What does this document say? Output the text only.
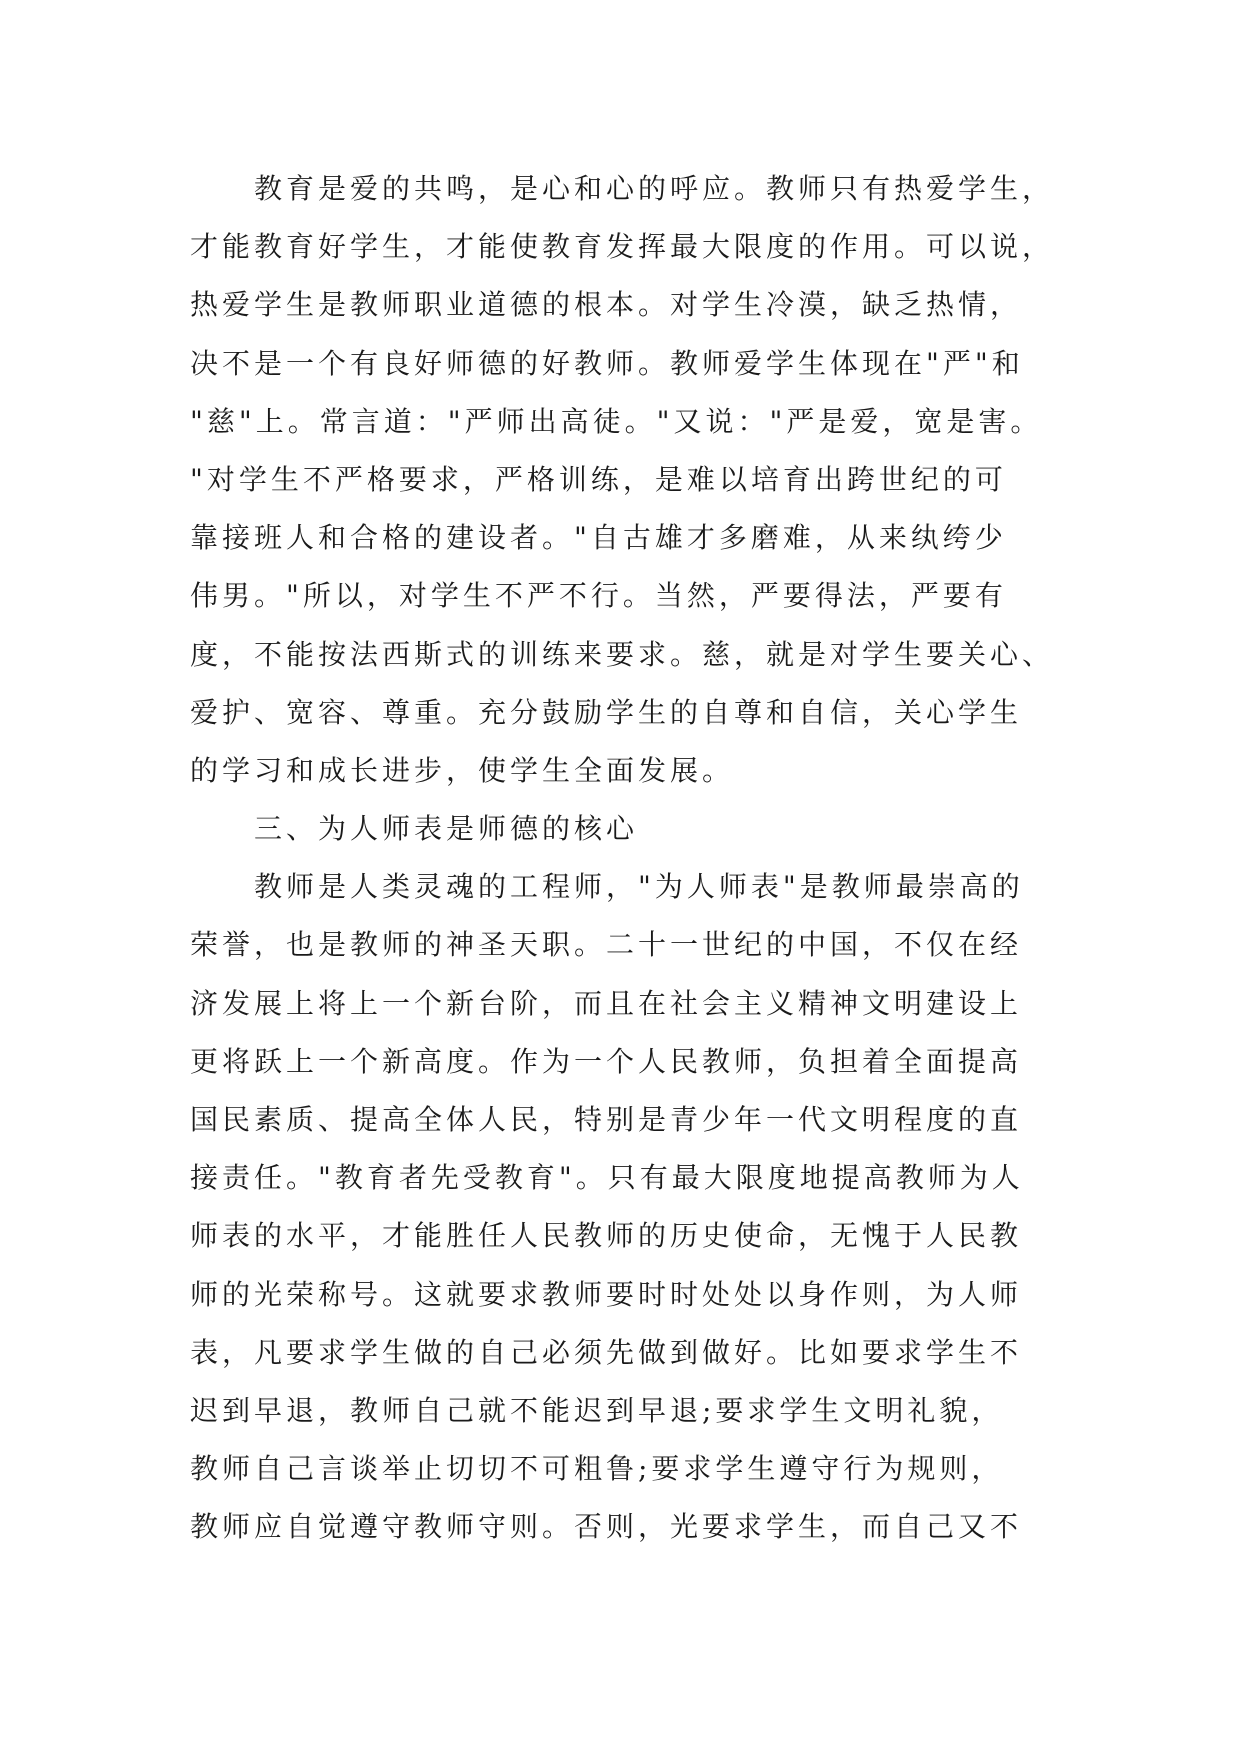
教育是爱的共鸣，是心和心的呼应。教师只有热爱学生，
才能教育好学生，才能使教育发挥最大限度的作用。可以说，
热爱学生是教师职业道德的根本。对学生冷漠，缺乏热情，
决不是一个有良好师德的好教师。教师爱学生体现在"严"和
"慈"上。常言道："严师出高徒。"又说："严是爱，宽是害。
"对学生不严格要求，严格训练，是难以培育出跨世纪的可
靠接班人和合格的建设者。"自古雄才多磨难，从来纨绔少
伟男。"所以，对学生不严不行。当然，严要得法，严要有
度，不能按法西斯式的训练来要求。慈，就是对学生要关心、
爱护、宽容、尊重。充分鼓励学生的自尊和自信，关心学生
的学习和成长进步，使学生全面发展。
三、为人师表是师德的核心
教师是人类灵魂的工程师，"为人师表"是教师最崇高的
荣誉，也是教师的神圣天职。二十一世纪的中国，不仅在经
济发展上将上一个新台阶，而且在社会主义精神文明建设上
更将跃上一个新高度。作为一个人民教师，负担着全面提高
国民素质、提高全体人民，特别是青少年一代文明程度的直
接责任。"教育者先受教育"。只有最大限度地提高教师为人
师表的水平，才能胜任人民教师的历史使命，无愧于人民教
师的光荣称号。这就要求教师要时时处处以身作则，为人师
表，凡要求学生做的自己必须先做到做好。比如要求学生不
迟到早退，教师自己就不能迟到早退;要求学生文明礼貌，
教师自己言谈举止切切不可粗鲁;要求学生遵守行为规则，
教师应自觉遵守教师守则。否则，光要求学生，而自己又不
